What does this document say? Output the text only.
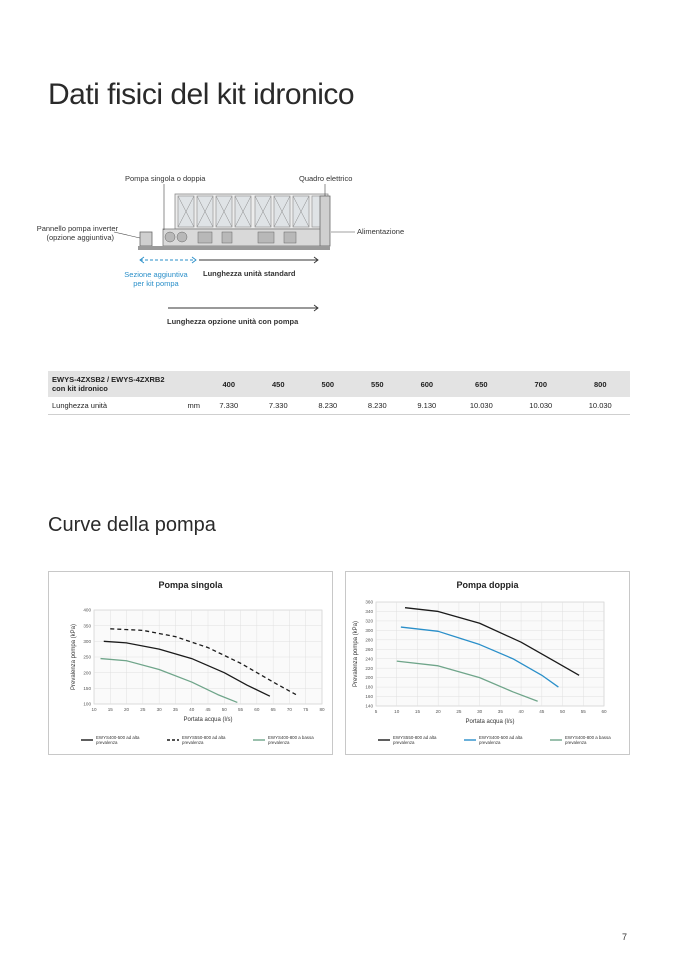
Dati fisici del kit idronico
Pompa singola o doppia	Quadro elettrico
Pannello pompa inverter
(opzione aggiuntiva)
Alimentazione
Sezione aggiuntiva
per kit pompa
Lunghezza unità standard
Lunghezza opzione unità con pompa
EWYS-4ZXSB2 / EWYS-4ZXRB2
con kit idronico		400	450	500	550	600	650	700	800
Lunghezza unità	mm	7.330	7.330	8.230	8.230	9.130	10.030	10.030	10.030
Curve della pompa
Pompa singola
10 15 20 25 30 35 40 45 50 55 60 65 70 75 80
100
150
200
250
300
350
400
Portata acqua (l/s)
Prevalenza pompa (kPa)
EWYS400-500 ad alta prevalenza
EWYS550-800 ad alta prevalenza
EWYS400-800 a bassa prevalenza
Pompa doppia
5	10	15	20	25	30	35	40	45	50	55	60
140
160
180
200
220
240
260
280
300
320
340
360
Portata acqua (l/s)
Prevalenza pompa (kPa)
EWYS550-800 ad alta prevalenza
EWYS400-500 ad alta prevalenza
EWYS400-800 a bassa prevalenza
7
